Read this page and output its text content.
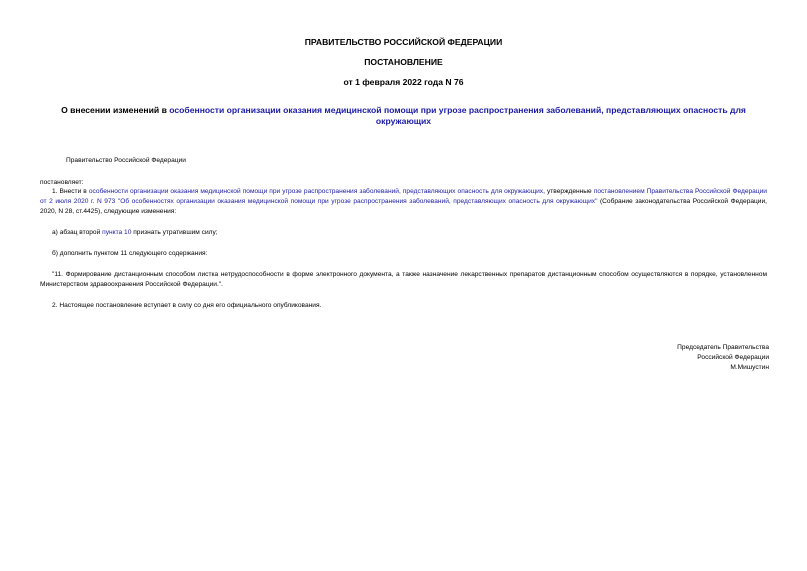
ПРАВИТЕЛЬСТВО РОССИЙСКОЙ ФЕДЕРАЦИИ
ПОСТАНОВЛЕНИЕ
от 1 февраля 2022 года N 76
О внесении изменений в особенности организации оказания медицинской помощи при угрозе распространения заболеваний, представляющих опасность для окружающих
Правительство Российской Федерации
постановляет:
1. Внести в особенности организации оказания медицинской помощи при угрозе распространения заболеваний, представляющих опасность для окружающих, утвержденные постановлением Правительства Российской Федерации от 2 июля 2020 г. N 973 "Об особенностях организации оказания медицинской помощи при угрозе распространения заболеваний, представляющих опасность для окружающих" (Собрание законодательства Российской Федерации, 2020, N 28, ст.4425), следующие изменения:
а) абзац второй пункта 10 признать утратившим силу;
б) дополнить пунктом 11 следующего содержания:
"11. Формирование дистанционным способом листка нетрудоспособности в форме электронного документа, а также назначение лекарственных препаратов дистанционным способом осуществляются в порядке, установленном Министерством здравоохранения Российской Федерации.".
2. Настоящее постановление вступает в силу со дня его официального опубликования.
Председатель Правительства
Российской Федерации
М.Мишустин
